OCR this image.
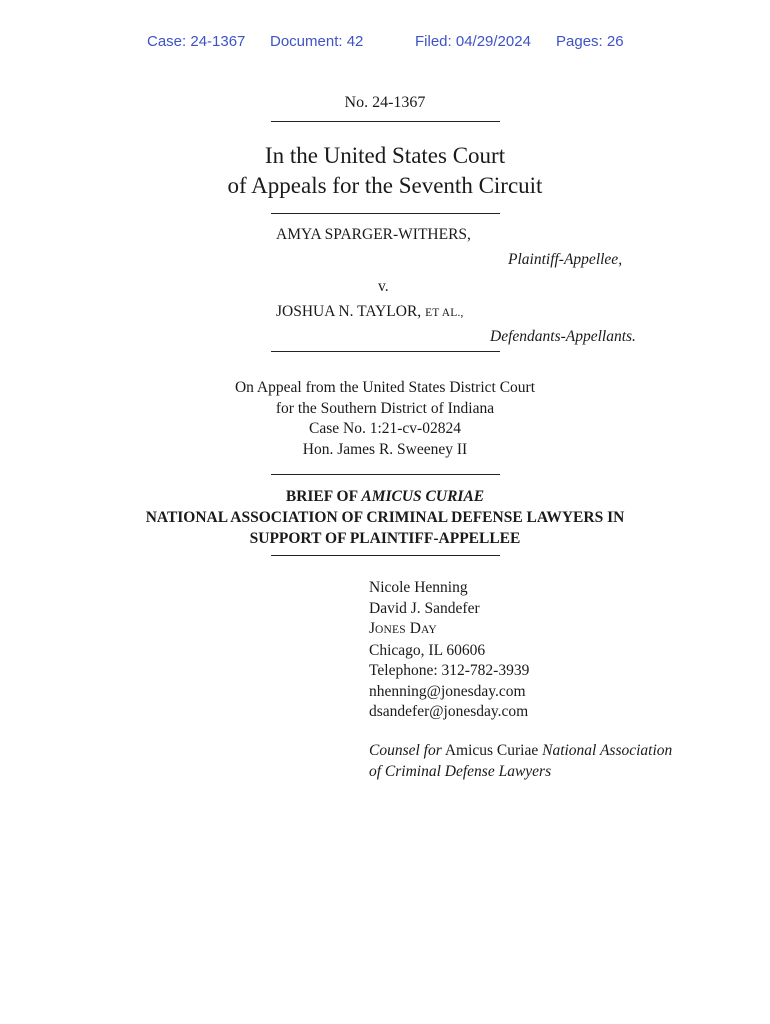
Case: 24-1367 Document: 42	Filed: 04/29/2024 Pages: 26
No. 24-1367
In the United States Court
of Appeals for the Seventh Circuit
AMYA SPARGER-WITHERS,
Plaintiff-Appellee,
v.
JOSHUA N. TAYLOR, ET AL.,
Defendants-Appellants.
On Appeal from the United States District Court
for the Southern District of Indiana
Case No. 1:21-cv-02824
Hon. James R. Sweeney II
BRIEF OF AMICUS CURIAE
NATIONAL ASSOCIATION OF CRIMINAL DEFENSE LAWYERS IN
SUPPORT OF PLAINTIFF-APPELLEE
Nicole Henning
David J. Sandefer
JONES DAY
Chicago, IL 60606
Telephone: 312-782-3939
nhenning@jonesday.com
dsandefer@jonesday.com
Counsel for Amicus Curiae National Association
of Criminal Defense Lawyers
